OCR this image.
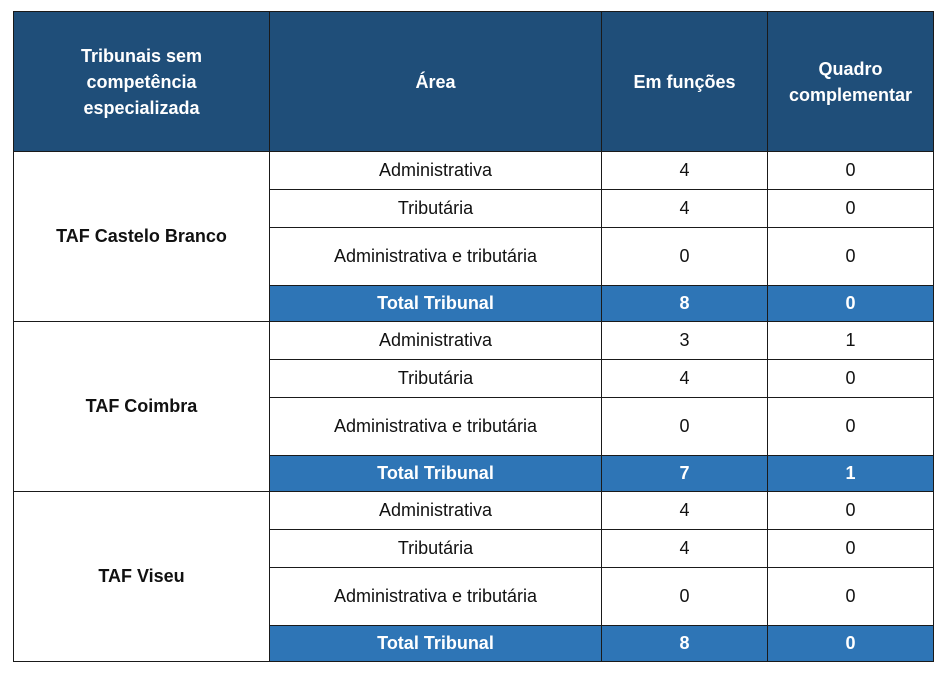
Tribunais sem
competência
especializada	Área	Em funções	Quadro
complementar
TAF Castelo Branco	Administrativa	4	0
	Tributária	4	0
	Administrativa e tributária	0	0
	Total Tribunal	8	0
TAF Coimbra	Administrativa	3	1
	Tributária	4	0
	Administrativa e tributária	0	0
	Total Tribunal	7	1
TAF Viseu	Administrativa	4	0
	Tributária	4	0
	Administrativa e tributária	0	0
	Total Tribunal	8	0
